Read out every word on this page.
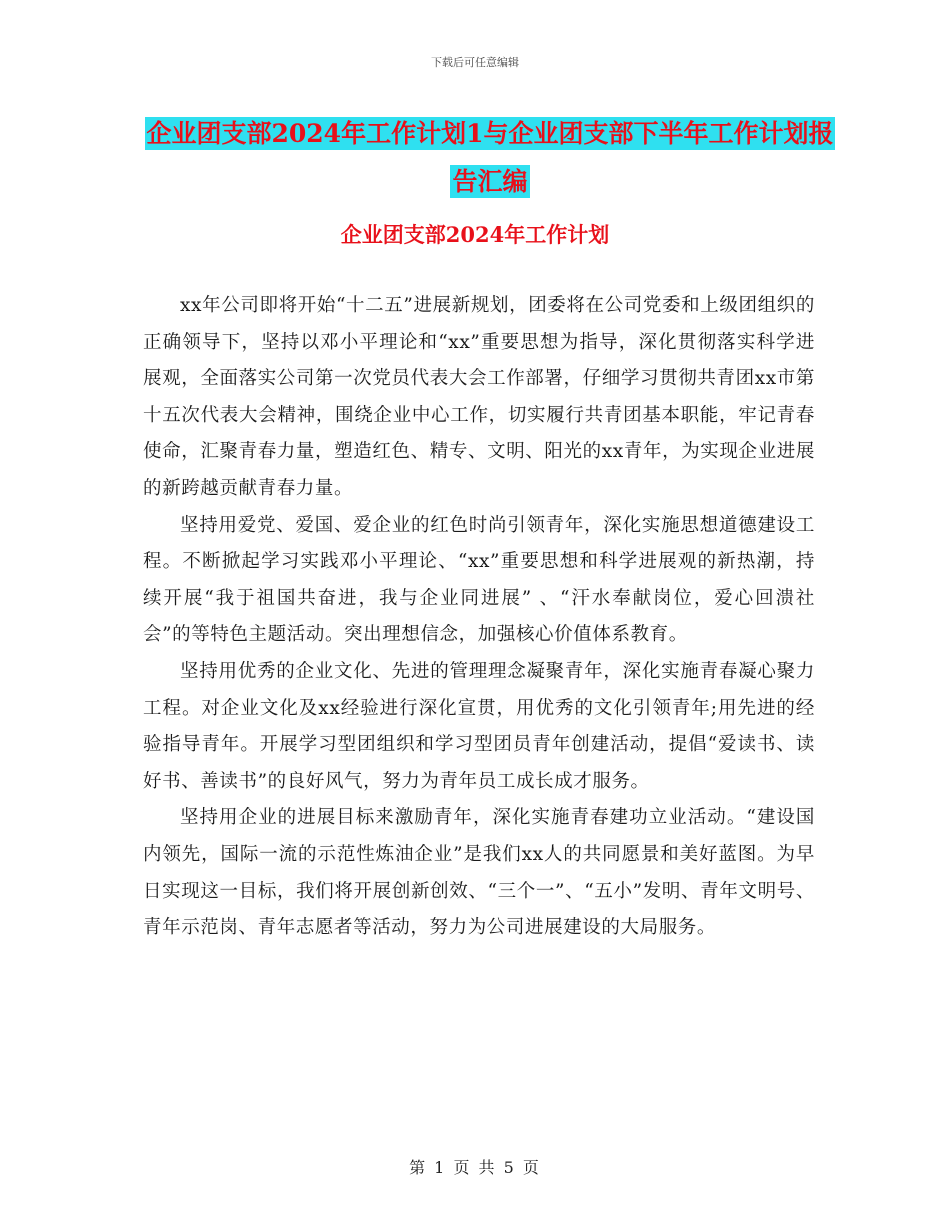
下载后可任意编辑
企业团支部2024年工作计划1与企业团支部下半年工作计划报告汇编
企业团支部2024年工作计划

xx年公司即将开始“十二五”进展新规划，团委将在公司党委和上级团组织的正确领导下，坚持以邓小平理论和“xx”重要思想为指导，深化贯彻落实科学进展观，全面落实公司第一次党员代表大会工作部署，仔细学习贯彻共青团xx市第十五次代表大会精神，围绕企业中心工作，切实履行共青团基本职能，牢记青春使命，汇聚青春力量，塑造红色、精专、文明、阳光的xx青年，为实现企业进展的新跨越贡献青春力量。

坚持用爱党、爱国、爱企业的红色时尚引领青年，深化实施思想道德建设工程。不断掀起学习实践邓小平理论、“xx”重要思想和科学进展观的新热潮，持续开展“我于祖国共奋进，我与企业同进展” 、“汗水奉献岗位，爱心回溃社会”的等特色主题活动。突出理想信念，加强核心价值体系教育。

坚持用优秀的企业文化、先进的管理理念凝聚青年，深化实施青春凝心聚力工程。对企业文化及xx经验进行深化宣贯，用优秀的文化引领青年;用先进的经验指导青年。开展学习型团组织和学习型团员青年创建活动，提倡“爱读书、读好书、善读书”的良好风气，努力为青年员工成长成才服务。

坚持用企业的进展目标来激励青年，深化实施青春建功立业活动。“建设国内领先，国际一流的示范性炼油企业”是我们xx人的共同愿景和美好蓝图。为早日实现这一目标，我们将开展创新创效、“三个一”、“五小”发明、青年文明号、青年示范岗、青年志愿者等活动，努力为公司进展建设的大局服务。

第 1 页 共 5 页
